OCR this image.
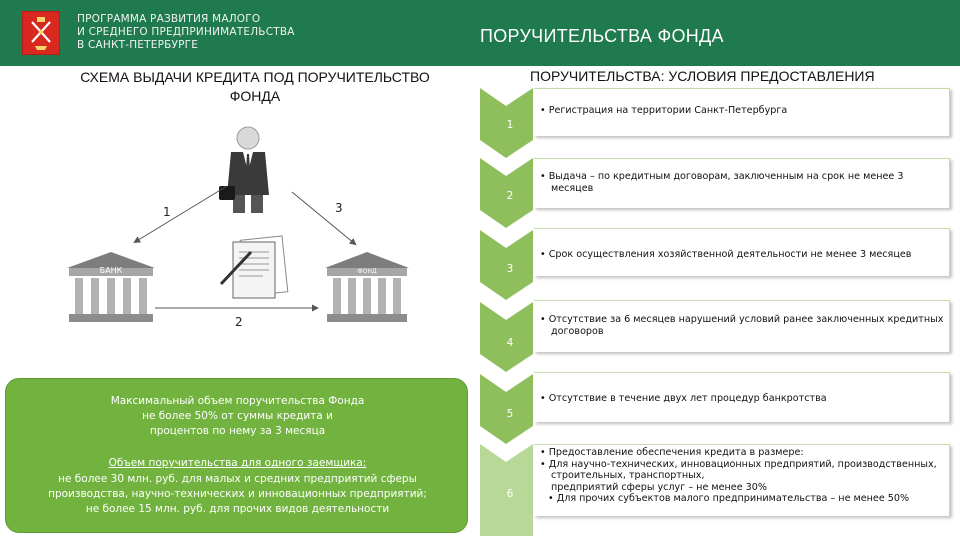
ПРОГРАММА РАЗВИТИЯ МАЛОГО
И СРЕДНЕГО ПРЕДПРИНИМАТЕЛЬСТВА
В САНКТ-ПЕТЕРБУРГЕ	ПОРУЧИТЕЛЬСТВА ФОНДА
СХЕМА ВЫДАЧИ КРЕДИТА ПОД ПОРУЧИТЕЛЬСТВО
ФОНДА
ПОРУЧИТЕЛЬСТВА: УСЛОВИЯ ПРЕДОСТАВЛЕНИЯ
БАНК	ФОНД
1
2
3
Максимальный объем поручительства Фонда
не более 50% от суммы кредита и
процентов по нему за 3 месяца
Объем поручительства для одного заемщика:
не более 30 млн. руб. для малых и средних предприятий сферы
производства, научно-технических и инновационных предприятий;
не более 15 млн. руб. для прочих видов деятельности
1
2
3
4
5
6
• Регистрация на территории Санкт-Петербурга
• Выдача – по кредитным договорам, заключенным на срок не менее 3
месяцев
• Срок осуществления хозяйственной деятельности не менее 3 месяцев
• Отсутствие за 6 месяцев нарушений условий ранее заключенных кредитных
договоров
• Отсутствие в течение двух лет процедур банкротства
• Предоставление обеспечения кредита в размере:
• Для научно-технических, инновационных предприятий, производственных,
строительных, транспортных,
предприятий сферы услуг – не менее 30%
• Для прочих субъектов малого предпринимательства – не менее 50%
